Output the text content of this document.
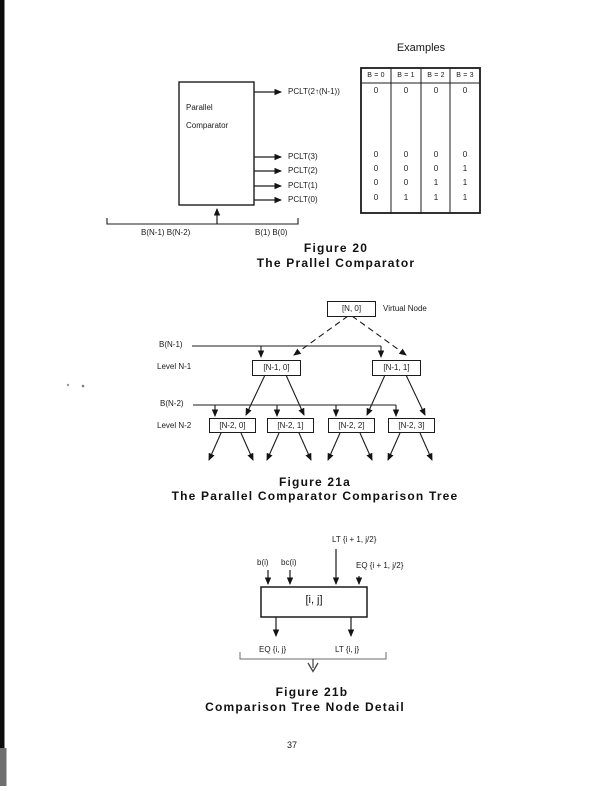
Parallel
Comparator
PCLT(2↑(N-1))
PCLT(3)
PCLT(2)
PCLT(1)
PCLT(0)
B(N-1) B(N-2)	B(1) B(0)
Examples
B = 0	B = 1	B = 2	B = 3
0	0	0	0
0	0	0	0
0	0	0	1
0	0	1	1
0	1	1	1
Figure 20
The Prallel Comparator
[N, 0]	Virtual Node
B(N-1)
Level N-1	[N-1, 0]	[N-1, 1]
B(N-2)
Level N-2	[N-2, 0]	[N-2, 1]	[N-2, 2]	[N-2, 3]
Figure 21a
The Parallel Comparator Comparison Tree
LT {i + 1, j/2}
b(i) bc(i)	EQ {i + 1, j/2}
[i, j]
EQ {i, j}	LT {i, j}
Figure 21b
Comparison Tree Node Detail
37
